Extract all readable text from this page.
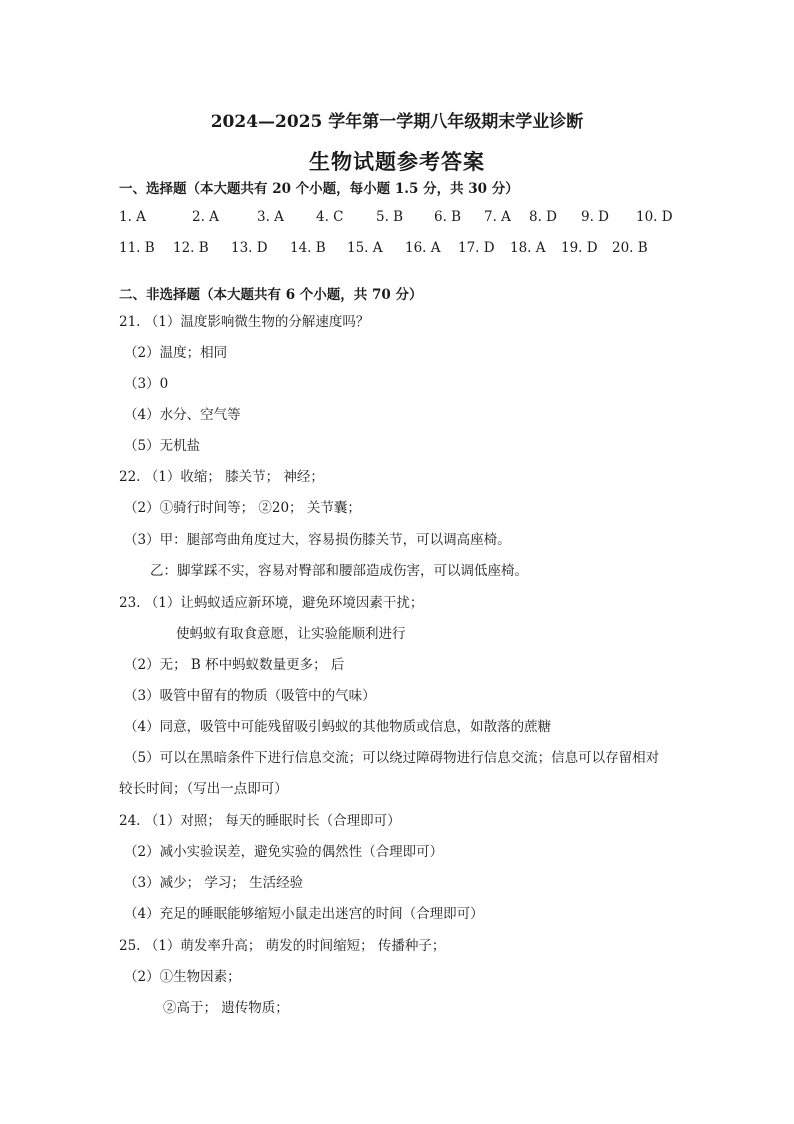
2024—2025 学年第一学期八年级期末学业诊断
生物试题参考答案
一、选择题（本大题共有 20 个小题，每小题 1.5 分，共 30 分）
1. A	2. A	3. A 4. C 5. B 6. B 7. A 8. D 9. D 10. D
11. B 12. B 13. D 14. B 15. A 16. A 17. D 18. A 19. D 20. B
二、非选择题（本大题共有 6 个小题，共 70 分）
21. （1）温度影响微生物的分解速度吗？
（2）温度；相同
（3）0
（4）水分、空气等
（5）无机盐
22. （1）收缩； 膝关节； 神经；
（2）①骑行时间等； ②20； 关节囊；
（3）甲：腿部弯曲角度过大，容易损伤膝关节，可以调高座椅。
乙：脚掌踩不实，容易对臀部和腰部造成伤害，可以调低座椅。
23. （1）让蚂蚁适应新环境，避免环境因素干扰；
使蚂蚁有取食意愿，让实验能顺利进行
（2）无； B 杯中蚂蚁数量更多； 后
（3）吸管中留有的物质（吸管中的气味）
（4）同意，吸管中可能残留吸引蚂蚁的其他物质或信息，如散落的蔗糖
（5）可以在黑暗条件下进行信息交流；可以绕过障碍物进行信息交流；信息可以存留相对
较长时间；（写出一点即可）
24. （1）对照； 每天的睡眠时长（合理即可）
（2）减小实验误差，避免实验的偶然性（合理即可）
（3）减少； 学习； 生活经验
（4）充足的睡眠能够缩短小鼠走出迷宫的时间（合理即可）
25. （1）萌发率升高； 萌发的时间缩短； 传播种子；
（2）①生物因素；
②高于； 遗传物质；
